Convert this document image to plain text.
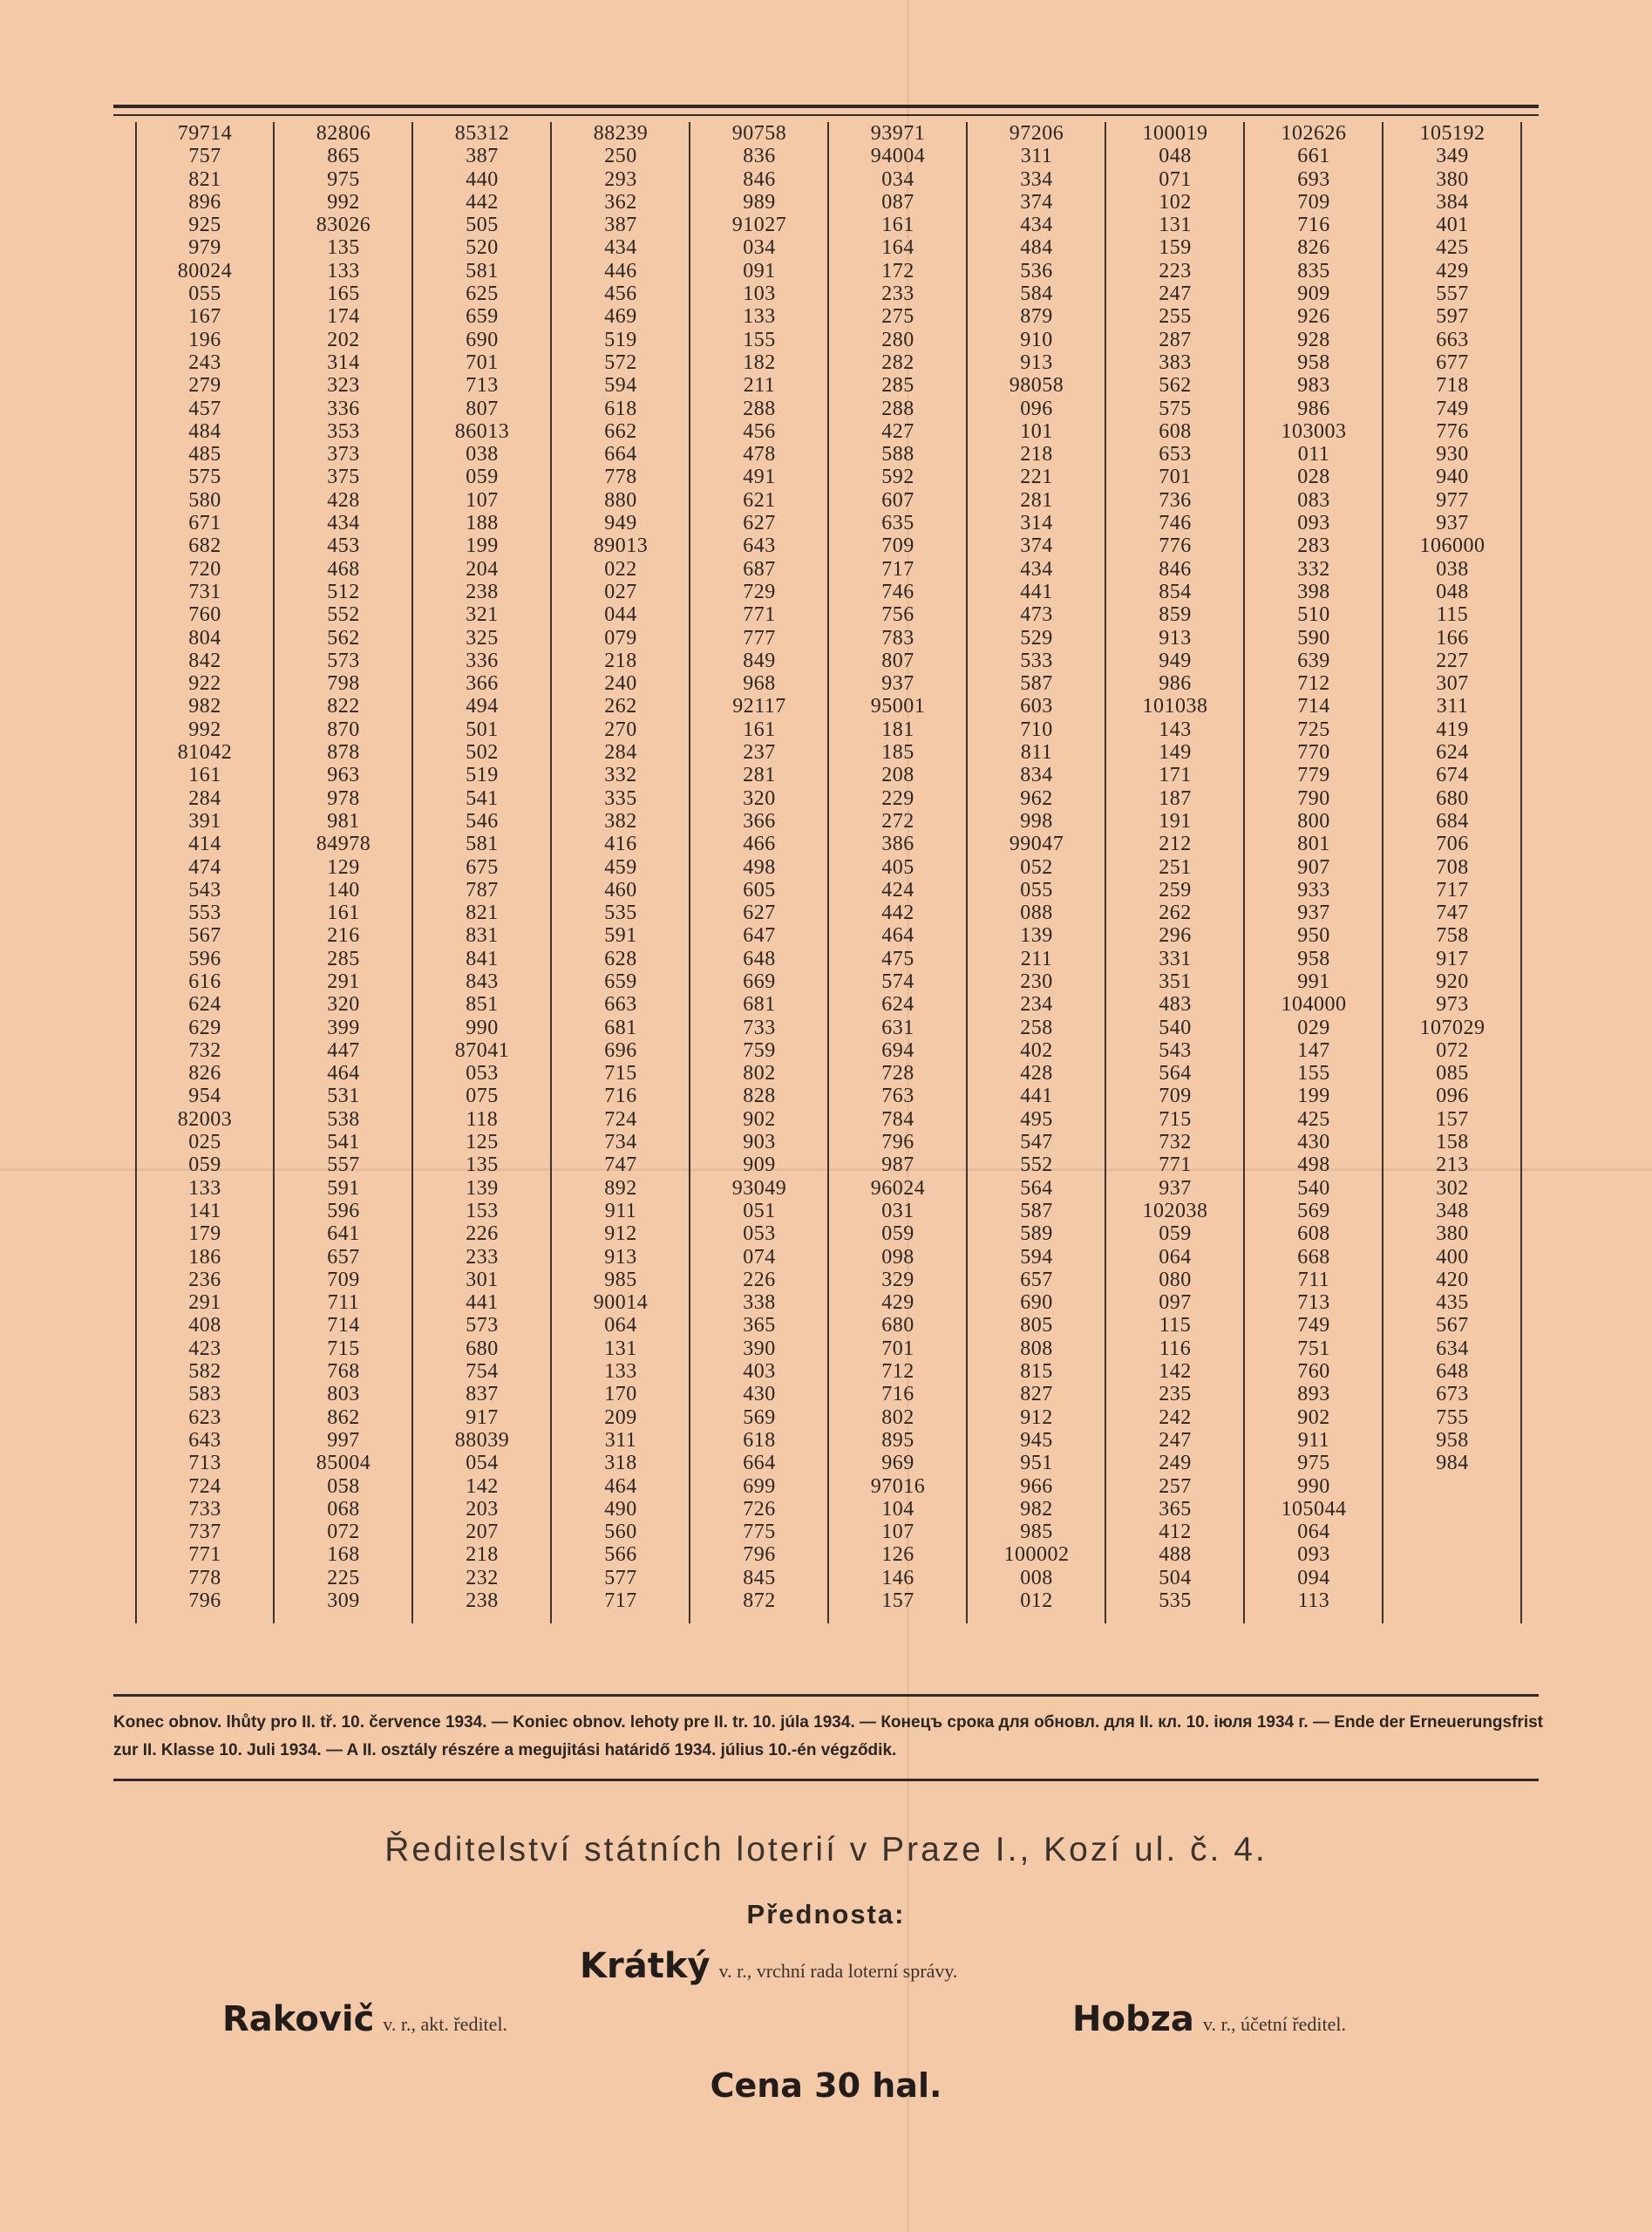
79714
757
821
896
925
979
80024
055
167
196
243
279
457
484
485
575
580
671
682
720
731
760
804
842
922
982
992
81042
161
284
391
414
474
543
553
567
596
616
624
629
732
826
954
82003
025
059
133
141
179
186
236
291
408
423
582
583
623
643
713
724
733
737
771
778
796
82806
865
975
992
83026
135
133
165
174
202
314
323
336
353
373
375
428
434
453
468
512
552
562
573
798
822
870
878
963
978
981
84978
129
140
161
216
285
291
320
399
447
464
531
538
541
557
591
596
641
657
709
711
714
715
768
803
862
997
85004
058
068
072
168
225
309
85312
387
440
442
505
520
581
625
659
690
701
713
807
86013
038
059
107
188
199
204
238
321
325
336
366
494
501
502
519
541
546
581
675
787
821
831
841
843
851
990
87041
053
075
118
125
135
139
153
226
233
301
441
573
680
754
837
917
88039
054
142
203
207
218
232
238
88239
250
293
362
387
434
446
456
469
519
572
594
618
662
664
778
880
949
89013
022
027
044
079
218
240
262
270
284
332
335
382
416
459
460
535
591
628
659
663
681
696
715
716
724
734
747
892
911
912
913
985
90014
064
131
133
170
209
311
318
464
490
560
566
577
717
90758
836
846
989
91027
034
091
103
133
155
182
211
288
456
478
491
621
627
643
687
729
771
777
849
968
92117
161
237
281
320
366
466
498
605
627
647
648
669
681
733
759
802
828
902
903
909
93049
051
053
074
226
338
365
390
403
430
569
618
664
699
726
775
796
845
872
93971
94004
034
087
161
164
172
233
275
280
282
285
288
427
588
592
607
635
709
717
746
756
783
807
937
95001
181
185
208
229
272
386
405
424
442
464
475
574
624
631
694
728
763
784
796
987
96024
031
059
098
329
429
680
701
712
716
802
895
969
97016
104
107
126
146
157
97206
311
334
374
434
484
536
584
879
910
913
98058
096
101
218
221
281
314
374
434
441
473
529
533
587
603
710
811
834
962
998
99047
052
055
088
139
211
230
234
258
402
428
441
495
547
552
564
587
589
594
657
690
805
808
815
827
912
945
951
966
982
985
100002
008
012
100019
048
071
102
131
159
223
247
255
287
383
562
575
608
653
701
736
746
776
846
854
859
913
949
986
101038
143
149
171
187
191
212
251
259
262
296
331
351
483
540
543
564
709
715
732
771
937
102038
059
064
080
097
115
116
142
235
242
247
249
257
365
412
488
504
535
102626
661
693
709
716
826
835
909
926
928
958
983
986
103003
011
028
083
093
283
332
398
510
590
639
712
714
725
770
779
790
800
801
907
933
937
950
958
991
104000
029
147
155
199
425
430
498
540
569
608
668
711
713
749
751
760
893
902
911
975
990
105044
064
093
094
113
105192
349
380
384
401
425
429
557
597
663
677
718
749
776
930
940
977
937
106000
038
048
115
166
227
307
311
419
624
674
680
684
706
708
717
747
758
917
920
973
107029
072
085
096
157
158
213
302
348
380
400
420
435
567
634
648
673
755
958
984
Konec obnov. lhůty pro II. tř. 10. července 1934. — Koniec obnov. lehoty pre II. tr. 10. júla 1934. — Конецъ срока для обновл. для II. кл. 10. іюля 1934 г. — Ende der Erneuerungsfrist zur II. Klasse 10. Juli 1934. — A II. osztály részére a megujitási határidő 1934. július 10.-én végződik.
Ředitelství státních loterií v Praze I., Kozí ul. č. 4.
Přednosta:
Krátký v. r., vrchní rada loterní správy.
Rakovič v. r., akt. ředitel.	Hobza v. r., účetní ředitel.
Cena 30 hal.
